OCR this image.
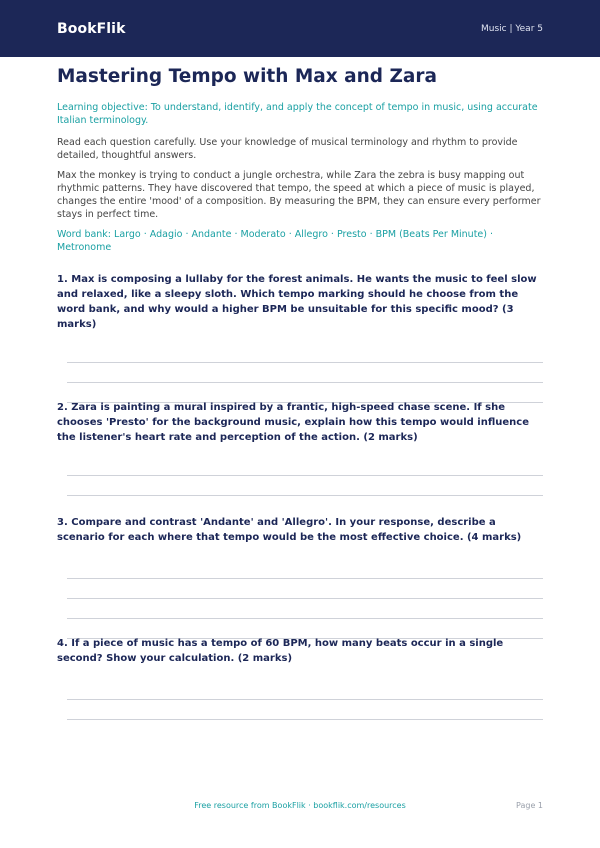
BookFlik	Music | Year 5
Mastering Tempo with Max and Zara
Learning objective: To understand, identify, and apply the concept of tempo in music, using accurate Italian terminology.
Read each question carefully. Use your knowledge of musical terminology and rhythm to provide detailed, thoughtful answers.
Max the monkey is trying to conduct a jungle orchestra, while Zara the zebra is busy mapping out rhythmic patterns. They have discovered that tempo, the speed at which a piece of music is played, changes the entire 'mood' of a composition. By measuring the BPM, they can ensure every performer stays in perfect time.
Word bank: Largo · Adagio · Andante · Moderato · Allegro · Presto · BPM (Beats Per Minute) · Metronome
1. Max is composing a lullaby for the forest animals. He wants the music to feel slow and relaxed, like a sleepy sloth. Which tempo marking should he choose from the word bank, and why would a higher BPM be unsuitable for this specific mood? (3 marks)
2. Zara is painting a mural inspired by a frantic, high-speed chase scene. If she chooses 'Presto' for the background music, explain how this tempo would influence the listener's heart rate and perception of the action. (2 marks)
3. Compare and contrast 'Andante' and 'Allegro'. In your response, describe a scenario for each where that tempo would be the most effective choice. (4 marks)
4. If a piece of music has a tempo of 60 BPM, how many beats occur in a single second? Show your calculation. (2 marks)
Free resource from BookFlik · bookflik.com/resources	Page 1
